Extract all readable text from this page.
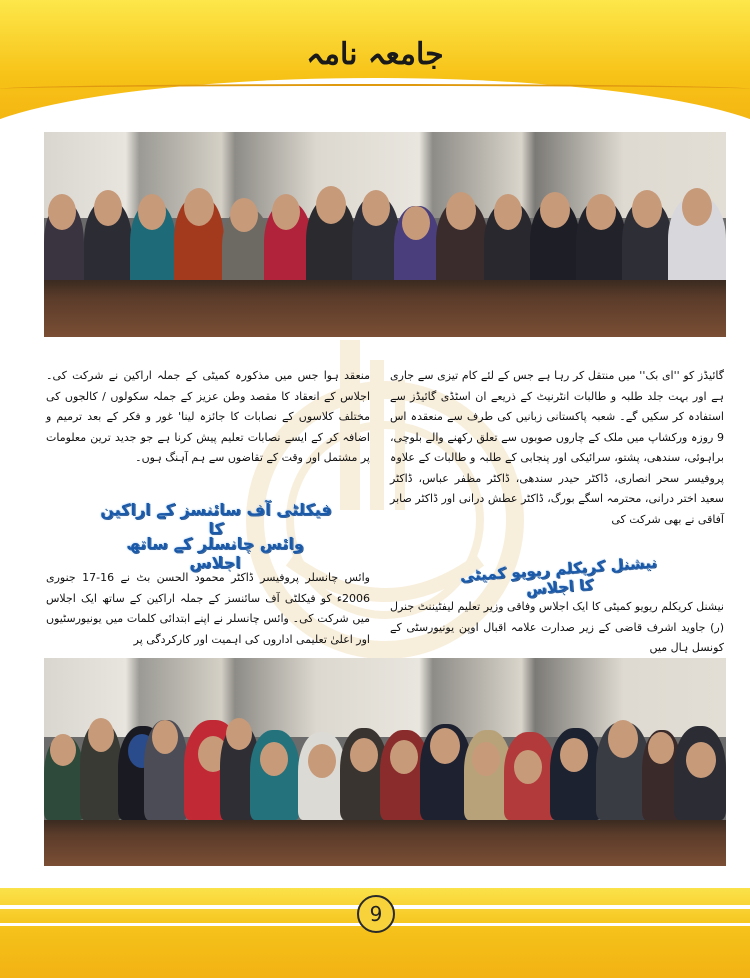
جامعہ نامہ
گائیڈز کو ''ای بک'' میں منتقل کر رہا ہے جس کے لئے کام تیزی سے جاری ہے اور بہت جلد طلبہ و طالبات انٹرنیٹ کے ذریعے ان اسٹڈی گائیڈز سے استفادہ کر سکیں گے۔ شعبہ پاکستانی زبانیں کی طرف سے منعقدہ اس 9 روزہ ورکشاپ میں ملک کے چاروں صوبوں سے تعلق رکھنے والے بلوچی، براہوئی، سندھی، پشتو، سرائیکی اور پنجابی کے طلبہ و طالبات کے علاوہ پروفیسر سحر انصاری، ڈاکٹر حیدر سندھی، ڈاکٹر مظفر عباس، ڈاکٹر سعید اختر درانی، محترمہ اسگے بورگ، ڈاکٹر عطش درانی اور ڈاکٹر صابر آفاقی نے بھی شرکت کی
منعقد ہوا جس میں مذکورہ کمیٹی کے جملہ اراکین نے شرکت کی۔ اجلاس کے انعقاد کا مقصد وطن عزیز کے جملہ سکولوں / کالجوں کی مختلف کلاسوں کے نصابات کا جائزہ لینا' غور و فکر کے بعد ترمیم و اضافہ کر کے ایسے نصابات تعلیم پیش کرنا ہے جو جدید ترین معلومات پر مشتمل اور وقت کے تقاضوں سے ہم آہنگ ہوں۔
فیکلٹی آف سائنسز کے اراکین کا
وائس چانسلر کے ساتھ اجلاس	نیشنل کریکلم ریویو کمیٹی کا اجلاس
وائس چانسلر پروفیسر ڈاکٹر محمود الحسن بٹ نے 16-17 جنوری 2006ء کو فیکلٹی آف سائنسز کے جملہ اراکین کے ساتھ ایک اجلاس میں شرکت کی۔ وائس چانسلر نے اپنے ابتدائی کلمات میں یونیورسٹیوں اور اعلیٰ تعلیمی اداروں کی اہمیت اور کارکردگی پر
نیشنل کریکلم ریویو کمیٹی کا ایک اجلاس وفاقی وزیر تعلیم لیفٹیننٹ جنرل (ر) جاوید اشرف قاضی کے زیر صدارت علامہ اقبال اوپن یونیورسٹی کے کونسل ہال میں
9
